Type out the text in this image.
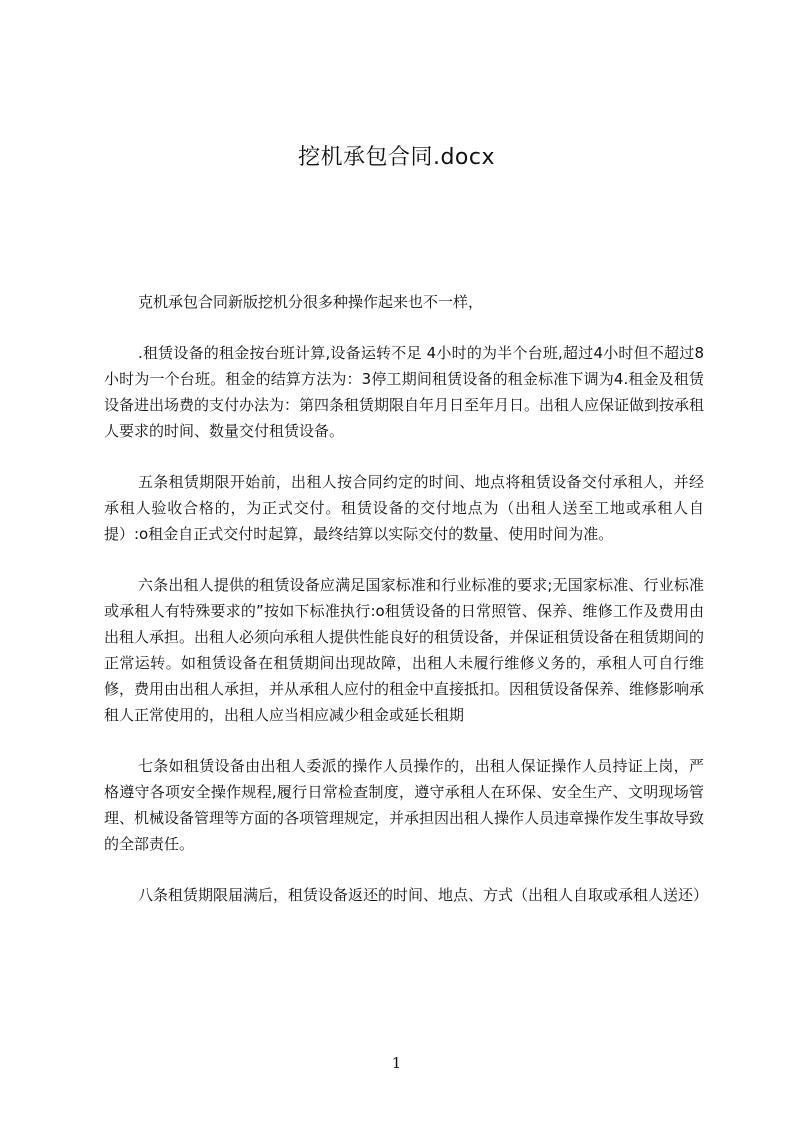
挖机承包合同.docx

克机承包合同新版挖机分很多种操作起来也不一样，

.租赁设备的租金按台班计算,设备运转不足 4小时的为半个台班,超过4小时但不超过8小时为一个台班。租金的结算方法为：3停工期间租赁设备的租金标准下调为4.租金及租赁设备进出场费的支付办法为：第四条租赁期限自年月日至年月日。出租人应保证做到按承租人要求的时间、数量交付租赁设备。

五条租赁期限开始前，出租人按合同约定的时间、地点将租赁设备交付承租人，并经承租人验收合格的，为正式交付。租赁设备的交付地点为（出租人送至工地或承租人自提）:o租金自正式交付时起算，最终结算以实际交付的数量、使用时间为准。

六条出租人提供的租赁设备应满足国家标准和行业标准的要求;无国家标准、行业标准或承租人有特殊要求的”按如下标准执行:o租赁设备的日常照管、保养、维修工作及费用由出租人承担。出租人必须向承租人提供性能良好的租赁设备，并保证租赁设备在租赁期间的正常运转。如租赁设备在租赁期间出现故障，出租人未履行维修义务的，承租人可自行维修，费用由出租人承担，并从承租人应付的租金中直接抵扣。因租赁设备保养、维修影响承租人正常使用的，出租人应当相应减少租金或延长租期

七条如租赁设备由出租人委派的操作人员操作的，出租人保证操作人员持证上岗，严格遵守各项安全操作规程,履行日常检查制度，遵守承租人在环保、安全生产、文明现场管理、机械设备管理等方面的各项管理规定，并承担因出租人操作人员违章操作发生事故导致的全部责任。

八条租赁期限届满后，租赁设备返还的时间、地点、方式（出租人自取或承租人送还）

1
